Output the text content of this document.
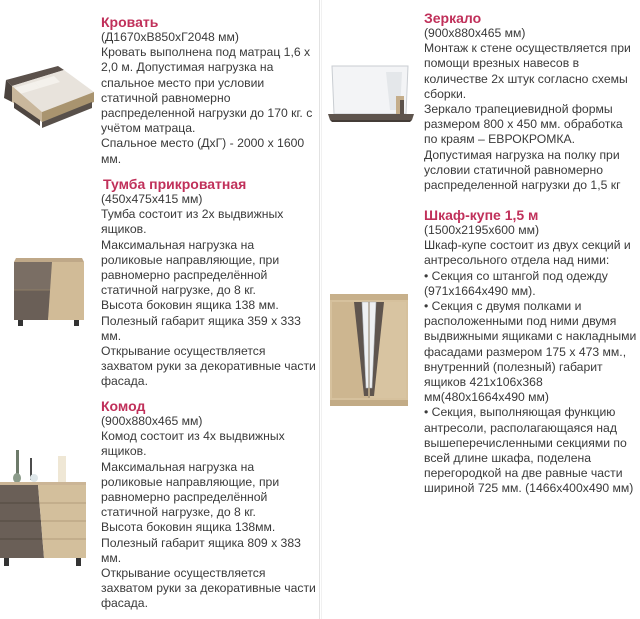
Кровать

(Д1670хВ850хГ2048 мм)

Кровать выполнена под матрац 1,6 х

2,0 м. Допустимая нагрузка на

спальное место при условии

статичной равномерно

распределенной нагрузки до 170 кг. с

учётом матраца.

Спальное место (ДхГ) - 2000 х 1600

мм.

Тумба прикроватная

(450х475х415 мм)

Тумба состоит из 2х выдвижных

ящиков.

Максимальная нагрузка на

роликовые направляющие, при

равномерно распределённой

статичной нагрузке, до 8 кг.

Высота боковин ящика 138 мм.

Полезный габарит ящика 359 х 333

мм.

Открывание осуществляется

захватом руки за декоративные части

фасада.

Комод

(900х880х465 мм)

Комод состоит из 4х выдвижных

ящиков.

Максимальная нагрузка на

роликовые направляющие, при

равномерно распределённой

статичной нагрузке, до 8 кг.

Высота боковин ящика 138мм.

Полезный габарит ящика 809 х 383

мм.

Открывание осуществляется

захватом руки за декоративные части

фасада.

Зеркало

(900х880х465 мм)

Монтаж к стене осуществляется при

помощи врезных навесов в

количестве 2х штук согласно схемы

сборки.

Зеркало трапециевидной формы

размером 800 х 450 мм. обработка

по краям – ЕВРОКРОМКА.

Допустимая нагрузка на полку при

условии статичной равномерно

распределенной нагрузки до 1,5 кг

Шкаф-купе 1,5 м

(1500х2195х600 мм)

Шкаф-купе состоит из двух секций и

антресольного отдела над ними:

• Секция со штангой под одежду

(971х1664х490 мм).

• Секция с двумя полками и

расположенными под ними двумя

выдвижными ящиками с накладными

фасадами размером 175 х 473 мм.,

внутренний (полезный) габарит

ящиков 421х106х368

мм(480х1664х490 мм)

• Секция, выполняющая функцию

антресоли, располагающаяся над

вышеперечисленными секциями по

всей длине шкафа, поделена

перегородкой на две равные части

шириной 725 мм. (1466х400х490 мм)
